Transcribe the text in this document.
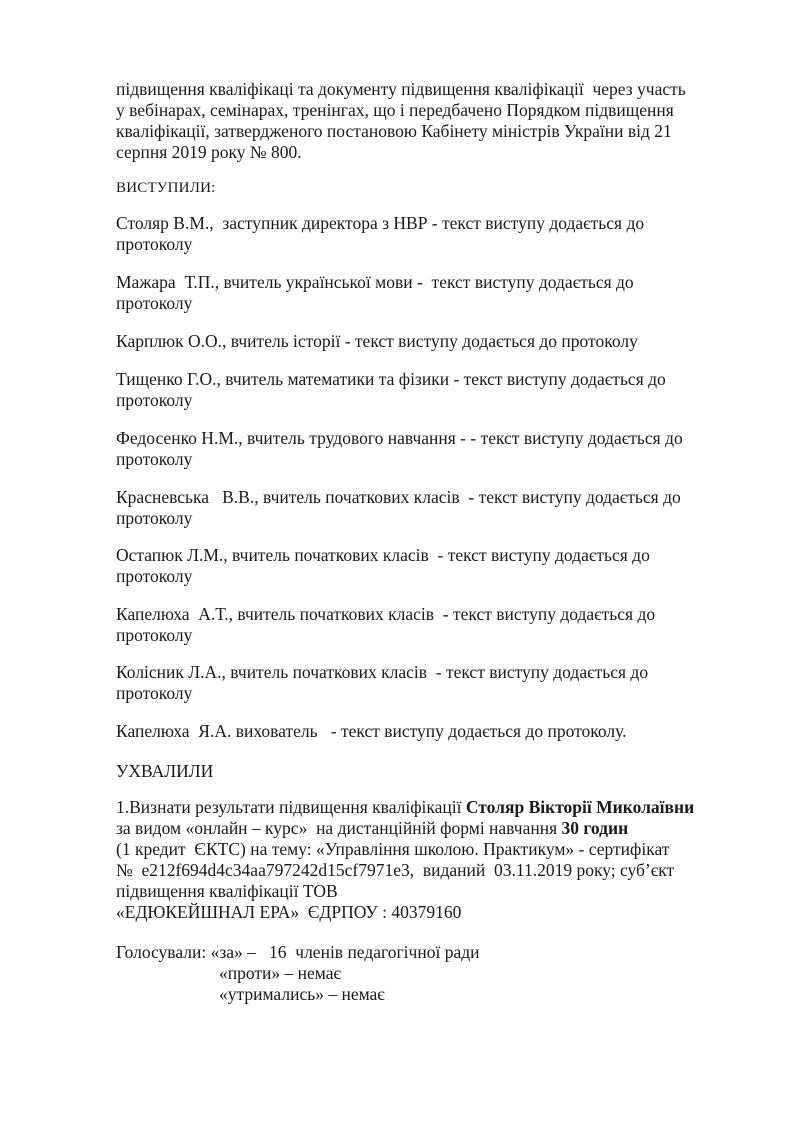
підвищення кваліфікаці та документу підвищення кваліфікації  через участь
у вебінарах, семінарах, тренінгах, що і передбачено Порядком підвищення
кваліфікації, затвердженого постановою Кабінету міністрів України від 21
серпня 2019 року № 800.
ВИСТУПИЛИ:
Столяр В.М.,  заступник директора з НВР - текст виступу додається до
протоколу
Мажара  Т.П., вчитель української мови -  текст виступу додається до
протоколу
Карплюк О.О., вчитель історії - текст виступу додається до протоколу
Тищенко Г.О., вчитель математики та фізики - текст виступу додається до
протоколу
Федосенко Н.М., вчитель трудового навчання - - текст виступу додається до
протоколу
Красневська   В.В., вчитель початкових класів  - текст виступу додається до
протоколу
Остапюк Л.М., вчитель початкових класів  - текст виступу додається до
протоколу
Капелюха  А.Т., вчитель початкових класів  - текст виступу додається до
протоколу
Колісник Л.А., вчитель початкових класів  - текст виступу додається до
протоколу
Капелюха  Я.А. вихователь   - текст виступу додається до протоколу.
УХВАЛИЛИ
1.Визнати результати підвищення кваліфікації Столяр Вікторії Миколаївни
за видом «онлайн – курс»  на дистанційній формі навчання 30 годин
(1 кредит  ЄКТС) на тему: «Управління школою. Практикум» - сертифікат
№  e212f694d4c34aa797242d15cf7971e3,  виданий  03.11.2019 року; суб’єкт
підвищення кваліфікації ТОВ
«ЕДЮКЕЙШНАЛ ЕРА»  ЄДРПОУ : 40379160
Голосували: «за» –   16  членів педагогічної ради
«проти» – немає
«утримались» – немає
